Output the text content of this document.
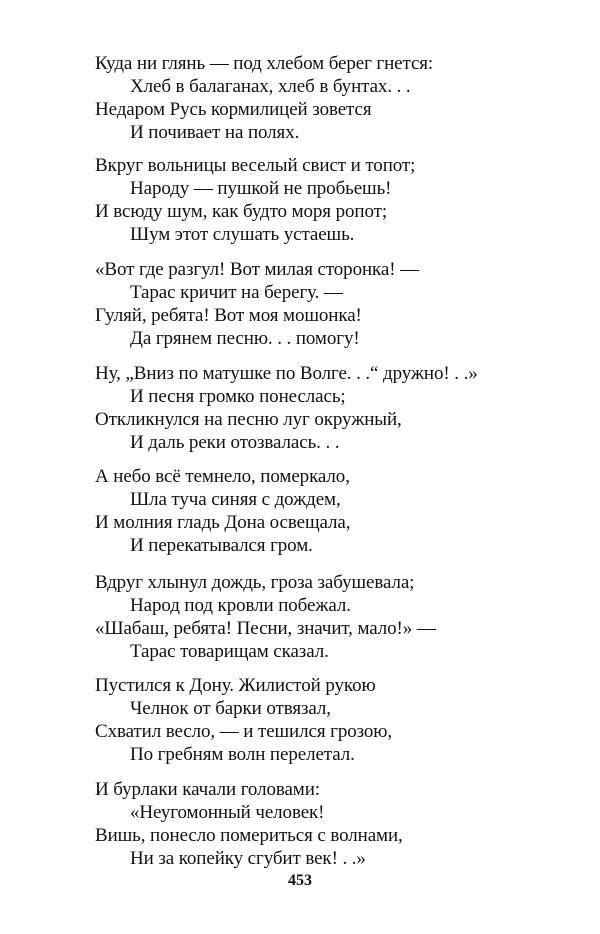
Куда ни глянь — под хлебом берег гнется:
Хлеб в балаганах, хлеб в бунтах. . .
Недаром Русь кормилицей зовется
И почивает на полях.
Вкруг вольницы веселый свист и топот;
Народу — пушкой не пробьешь!
И всюду шум, как будто моря ропот;
Шум этот слушать устаешь.
«Вот где разгул! Вот милая сторонка! —
Тарас кричит на берегу. —
Гуляй, ребята! Вот моя мошонка!
Да грянем песню. . . помогу!
Ну, „Вниз по матушке по Волге. . .“ дружно! . .»
И песня громко понеслась;
Откликнулся на песню луг окружный,
И даль реки отозвалась. . .
А небо всё темнело, померкало,
Шла туча синяя с дождем,
И молния гладь Дона освещала,
И перекатывался гром.
Вдруг хлынул дождь, гроза забушевала;
Народ под кровли побежал.
«Шабаш, ребята! Песни, значит, мало!» —
Тарас товарищам сказал.
Пустился к Дону. Жилистой рукою
Челнок от барки отвязал,
Схватил весло, — и тешился грозою,
По гребням волн перелетал.
И бурлаки качали головами:
«Неугомонный человек!
Вишь, понесло помериться с волнами,
Ни за копейку сгубит век! . .»
453
